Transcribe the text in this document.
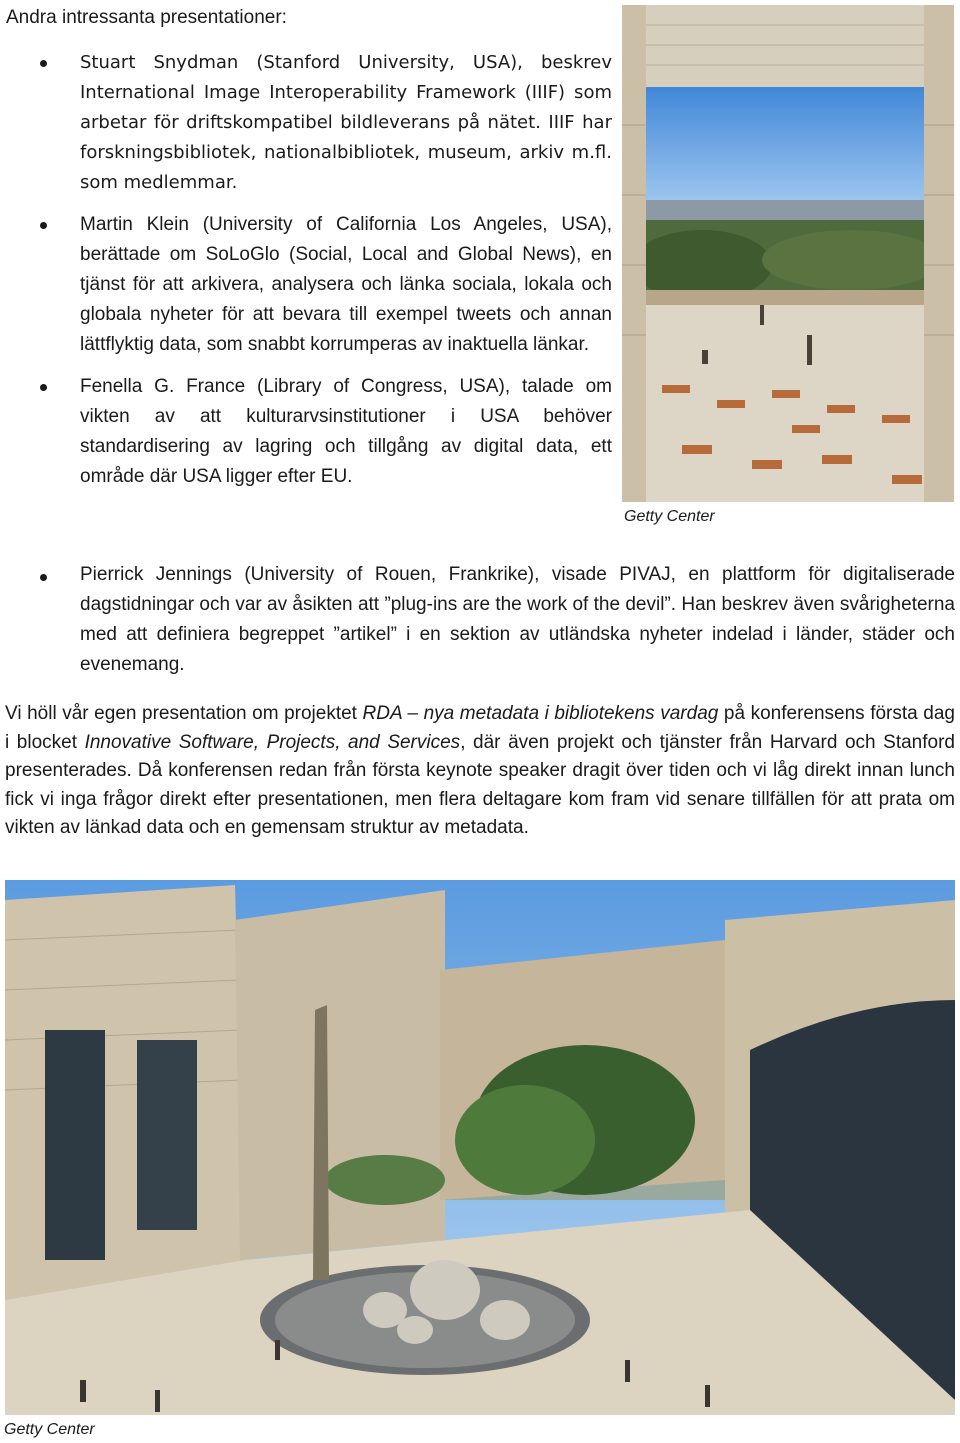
Andra intressanta presentationer:
Stuart Snydman (Stanford University, USA), beskrev International Image Interoperability Framework (IIIF) som arbetar för driftskompatibel bildleverans på nätet. IIIF har forskningsbibliotek, nationalbibliotek, museum, arkiv m.fl. som medlemmar.
Martin Klein (University of California Los Angeles, USA), berättade om SoLoGlo (Social, Local and Global News), en tjänst för att arkivera, analysera och länka sociala, lokala och globala nyheter för att bevara till exempel tweets och annan lättflyktig data, som snabbt korrumperas av inaktuella länkar.
Fenella G. France (Library of Congress, USA), talade om vikten av att kulturarvsinstitutioner i USA behöver standardisering av lagring och tillgång av digital data, ett område där USA ligger efter EU.
Getty Center
Pierrick Jennings (University of Rouen, Frankrike), visade PIVAJ, en plattform för digitaliserade dagstidningar och var av åsikten att ”plug-ins are the work of the devil”. Han beskrev även svårigheterna med att definiera begreppet ”artikel” i en sektion av utländska nyheter indelad i länder, städer och evenemang.
Vi höll vår egen presentation om projektet RDA – nya metadata i bibliotekens vardag på konferensens första dag i blocket Innovative Software, Projects, and Services, där även projekt och tjänster från Harvard och Stanford presenterades. Då konferensen redan från första keynote speaker dragit över tiden och vi låg direkt innan lunch fick vi inga frågor direkt efter presentationen, men flera deltagare kom fram vid senare tillfällen för att prata om vikten av länkad data och en gemensam struktur av metadata.
Getty Center
